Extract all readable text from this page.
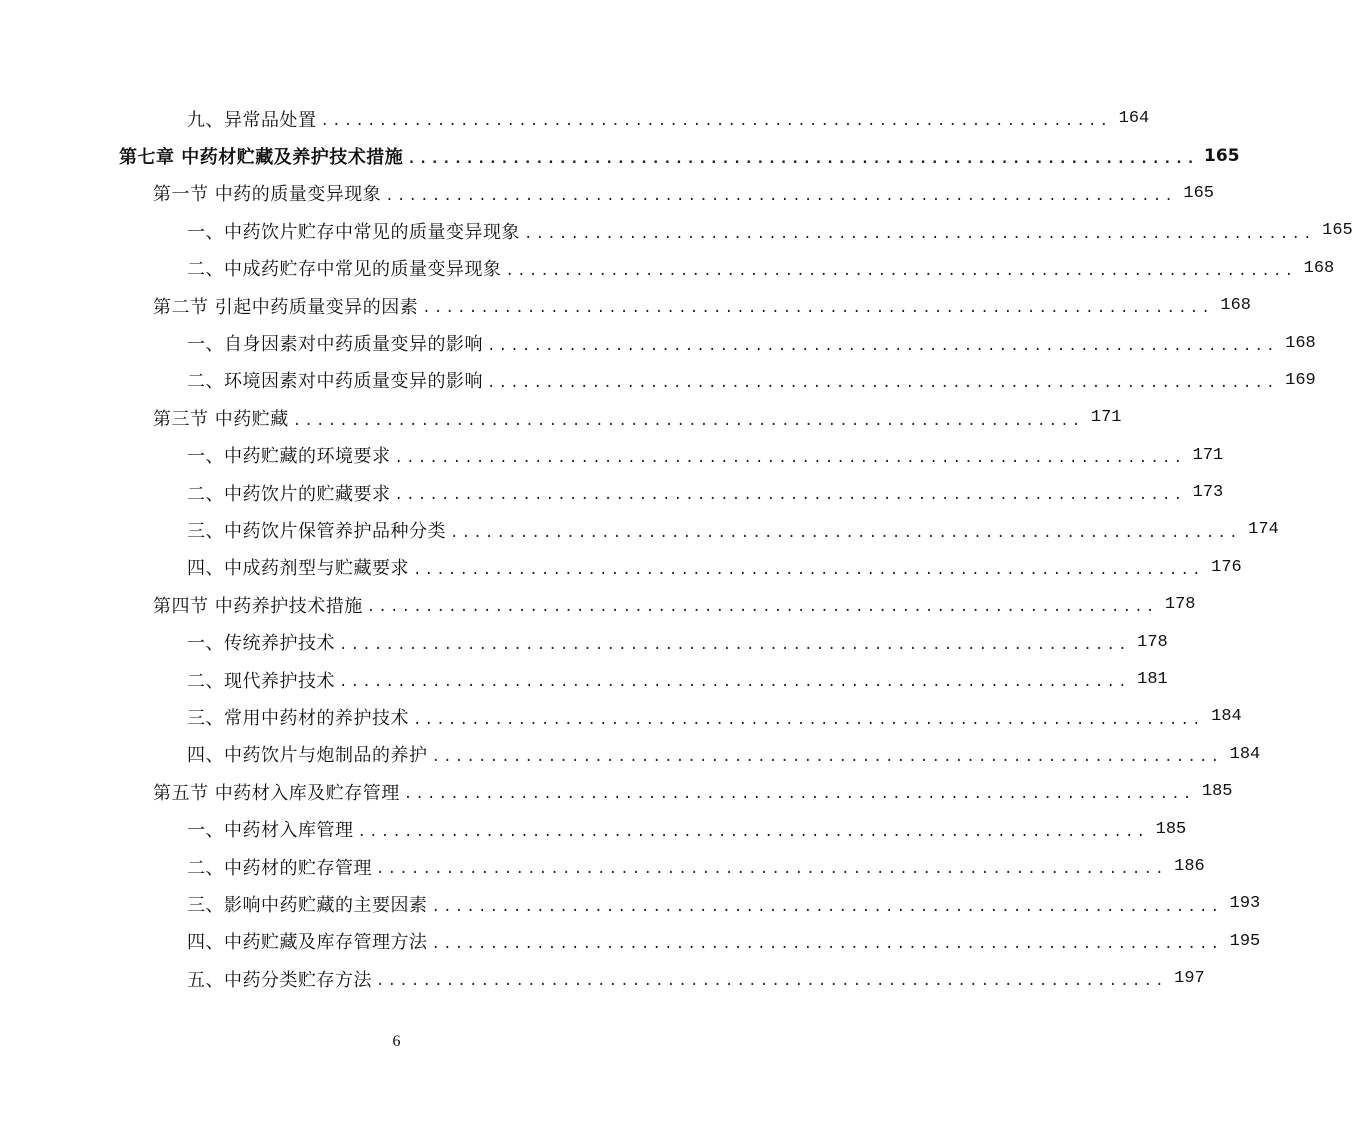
九、异常品处置 .................................................................... 164
第七章 中药材贮藏及养护技术措施 .................................................................... 165
第一节 中药的质量变异现象 .................................................................... 165
一、中药饮片贮存中常见的质量变异现象 .................................................................... 165
二、中成药贮存中常见的质量变异现象 .................................................................... 168
第二节 引起中药质量变异的因素 .................................................................... 168
一、自身因素对中药质量变异的影响 .................................................................... 168
二、环境因素对中药质量变异的影响 .................................................................... 169
第三节 中药贮藏 .................................................................... 171
一、中药贮藏的环境要求 .................................................................... 171
二、中药饮片的贮藏要求 .................................................................... 173
三、中药饮片保管养护品种分类 .................................................................... 174
四、中成药剂型与贮藏要求 .................................................................... 176
第四节 中药养护技术措施 .................................................................... 178
一、传统养护技术 .................................................................... 178
二、现代养护技术 .................................................................... 181
三、常用中药材的养护技术 .................................................................... 184
四、中药饮片与炮制品的养护 .................................................................... 184
第五节 中药材入库及贮存管理 .................................................................... 185
一、中药材入库管理 .................................................................... 185
二、中药材的贮存管理 .................................................................... 186
三、影响中药贮藏的主要因素 .................................................................... 193
四、中药贮藏及库存管理方法 .................................................................... 195
五、中药分类贮存方法 .................................................................... 197
6
